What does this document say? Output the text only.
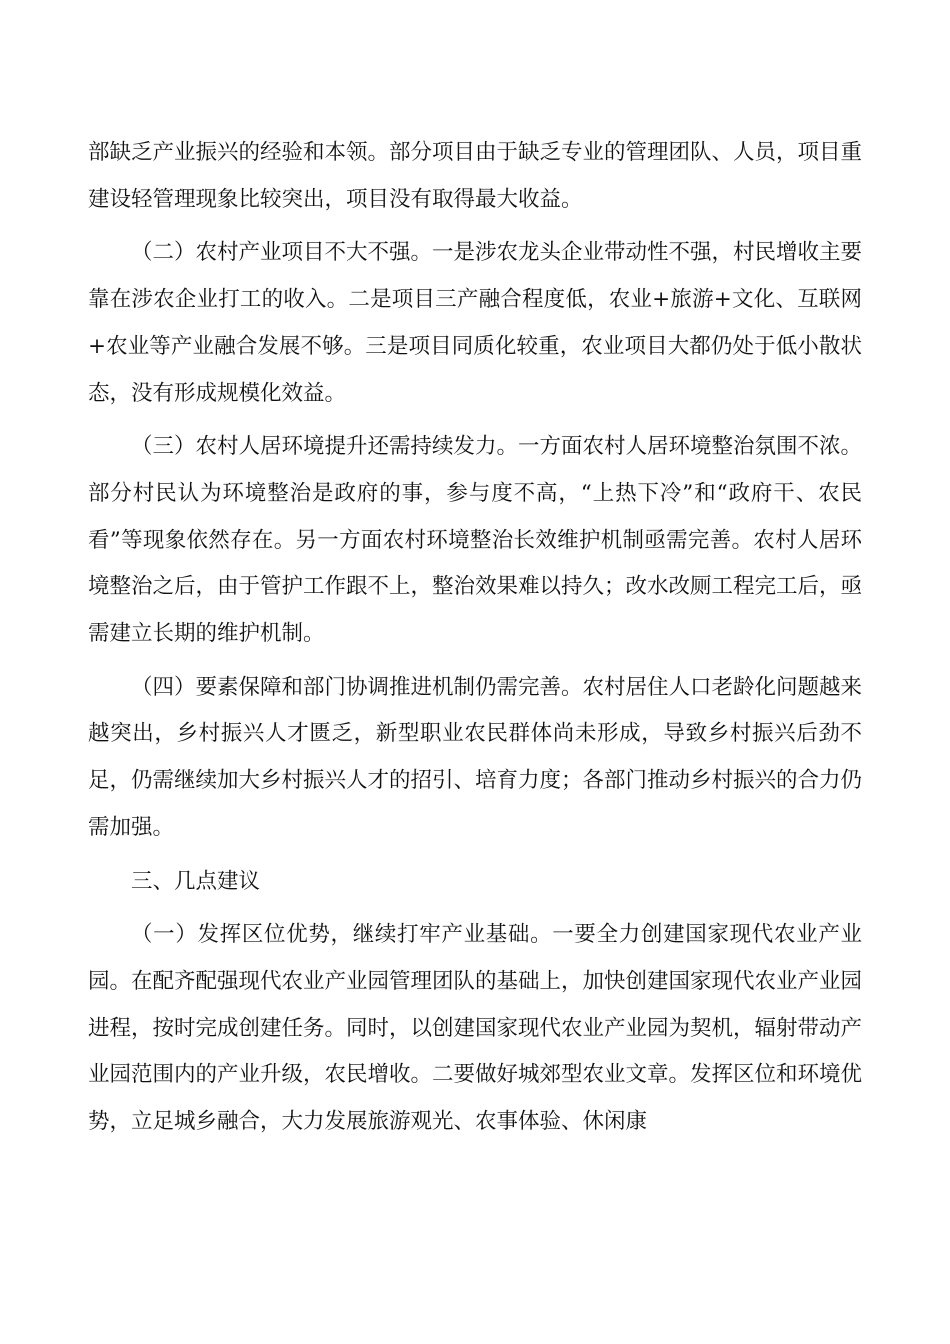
部缺乏产业振兴的经验和本领。部分项目由于缺乏专业的管理团队、人员，项目重建设轻管理现象比较突出，项目没有取得最大收益。

（二）农村产业项目不大不强。一是涉农龙头企业带动性不强，村民增收主要靠在涉农企业打工的收入。二是项目三产融合程度低，农业+旅游+文化、互联网+农业等产业融合发展不够。三是项目同质化较重，农业项目大都仍处于低小散状态，没有形成规模化效益。

（三）农村人居环境提升还需持续发力。一方面农村人居环境整治氛围不浓。部分村民认为环境整治是政府的事，参与度不高，“上热下冷”和“政府干、农民看”等现象依然存在。另一方面农村环境整治长效维护机制亟需完善。农村人居环境整治之后，由于管护工作跟不上，整治效果难以持久；改水改厕工程完工后，亟需建立长期的维护机制。

（四）要素保障和部门协调推进机制仍需完善。农村居住人口老龄化问题越来越突出，乡村振兴人才匮乏，新型职业农民群体尚未形成，导致乡村振兴后劲不足，仍需继续加大乡村振兴人才的招引、培育力度；各部门推动乡村振兴的合力仍需加强。

三、几点建议

（一）发挥区位优势，继续打牢产业基础。一要全力创建国家现代农业产业园。在配齐配强现代农业产业园管理团队的基础上，加快创建国家现代农业产业园进程，按时完成创建任务。同时，以创建国家现代农业产业园为契机，辐射带动产业园范围内的产业升级，农民增收。二要做好城郊型农业文章。发挥区位和环境优势，立足城乡融合，大力发展旅游观光、农事体验、休闲康
